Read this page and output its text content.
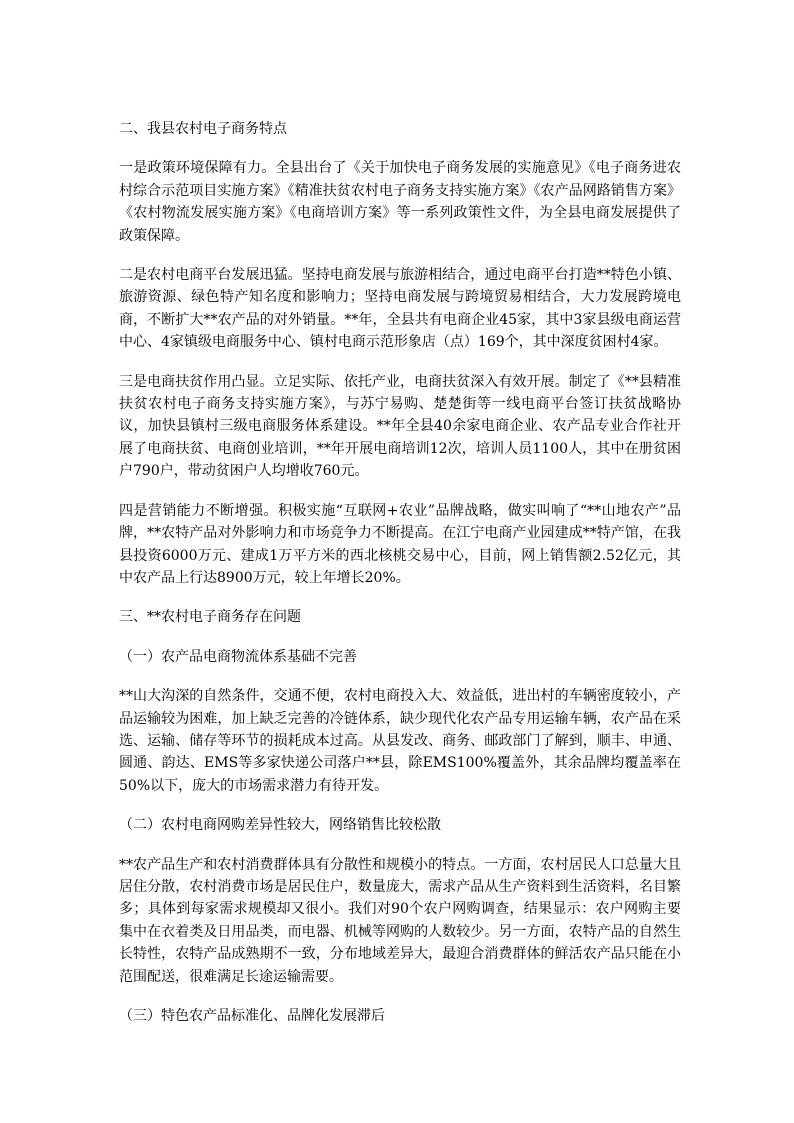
二、我县农村电子商务特点

一是政策环境保障有力。全县出台了《关于加快电子商务发展的实施意见》《电子商务进农村综合示范项目实施方案》《精准扶贫农村电子商务支持实施方案》《农产品网路销售方案》《农村物流发展实施方案》《电商培训方案》等一系列政策性文件，为全县电商发展提供了政策保障。

二是农村电商平台发展迅猛。坚持电商发展与旅游相结合，通过电商平台打造**特色小镇、旅游资源、绿色特产知名度和影响力；坚持电商发展与跨境贸易相结合，大力发展跨境电商，不断扩大**农产品的对外销量。**年，全县共有电商企业45家，其中3家县级电商运营中心、4家镇级电商服务中心、镇村电商示范形象店（点）169个，其中深度贫困村4家。

三是电商扶贫作用凸显。立足实际、依托产业，电商扶贫深入有效开展。制定了《**县精准扶贫农村电子商务支持实施方案》，与苏宁易购、楚楚街等一线电商平台签订扶贫战略协议，加快县镇村三级电商服务体系建设。**年全县40余家电商企业、农产品专业合作社开展了电商扶贫、电商创业培训，**年开展电商培训12次，培训人员1100人，其中在册贫困户790户，带动贫困户人均增收760元。

四是营销能力不断增强。积极实施“互联网+农业”品牌战略，做实叫响了“**山地农产”品牌，**农特产品对外影响力和市场竞争力不断提高。在江宁电商产业园建成**特产馆，在我县投资6000万元、建成1万平方米的西北核桃交易中心，目前，网上销售额2.52亿元，其中农产品上行达8900万元，较上年增长20%。

三、**农村电子商务存在问题

（一）农产品电商物流体系基础不完善

**山大沟深的自然条件，交通不便，农村电商投入大、效益低，进出村的车辆密度较小，产品运输较为困难，加上缺乏完善的冷链体系，缺少现代化农产品专用运输车辆，农产品在采选、运输、储存等环节的损耗成本过高。从县发改、商务、邮政部门了解到，顺丰、申通、圆通、韵达、EMS等多家快递公司落户**县，除EMS100%覆盖外，其余品牌均覆盖率在50%以下，庞大的市场需求潜力有待开发。

（二）农村电商网购差异性较大，网络销售比较松散

**农产品生产和农村消费群体具有分散性和规模小的特点。一方面，农村居民人口总量大且居住分散，农村消费市场是居民住户，数量庞大，需求产品从生产资料到生活资料，名目繁多；具体到每家需求规模却又很小。我们对90个农户网购调查，结果显示：农户网购主要集中在衣着类及日用品类，而电器、机械等网购的人数较少。另一方面，农特产品的自然生长特性，农特产品成熟期不一致，分布地域差异大，最迎合消费群体的鲜活农产品只能在小范围配送，很难满足长途运输需要。

（三）特色农产品标准化、品牌化发展滞后
